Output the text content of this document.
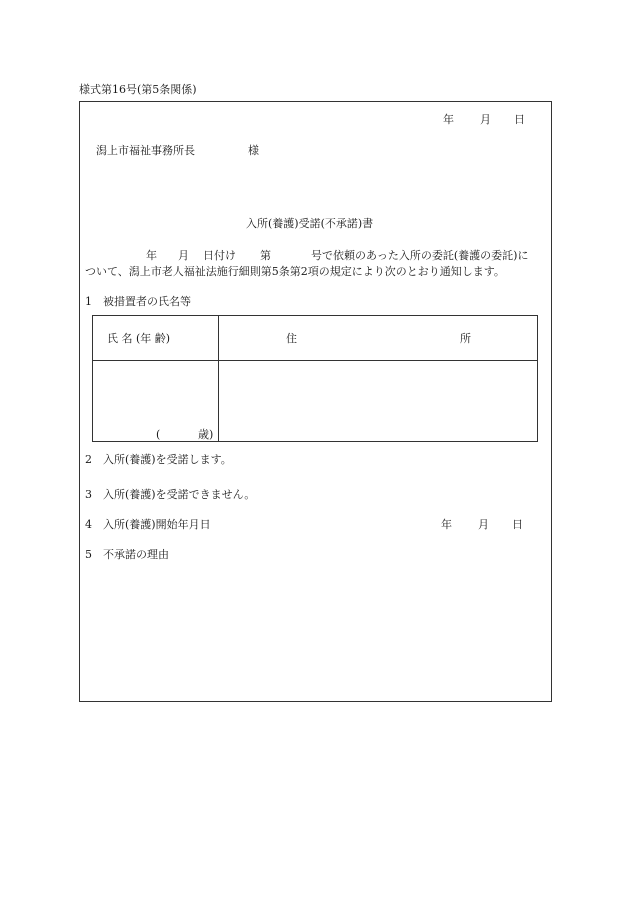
様式第16号(第5条関係)
年 月 日
潟上市福祉事務所長	様
入所(養護)受諾(不承諾)書
年 月 日付け 第	号で依頼のあった入所の委託(養護の委託)に
ついて、潟上市老人福祉法施行細則第5条第2項の規定により次のとおり通知します。
1　被措置者の氏名等
氏 名 (年 齢)	住	所
(	歳)
2　入所(養護)を受諾します。
3　入所(養護)を受諾できません。
4　入所(養護)開始年月日	年 月 日
5　不承諾の理由
